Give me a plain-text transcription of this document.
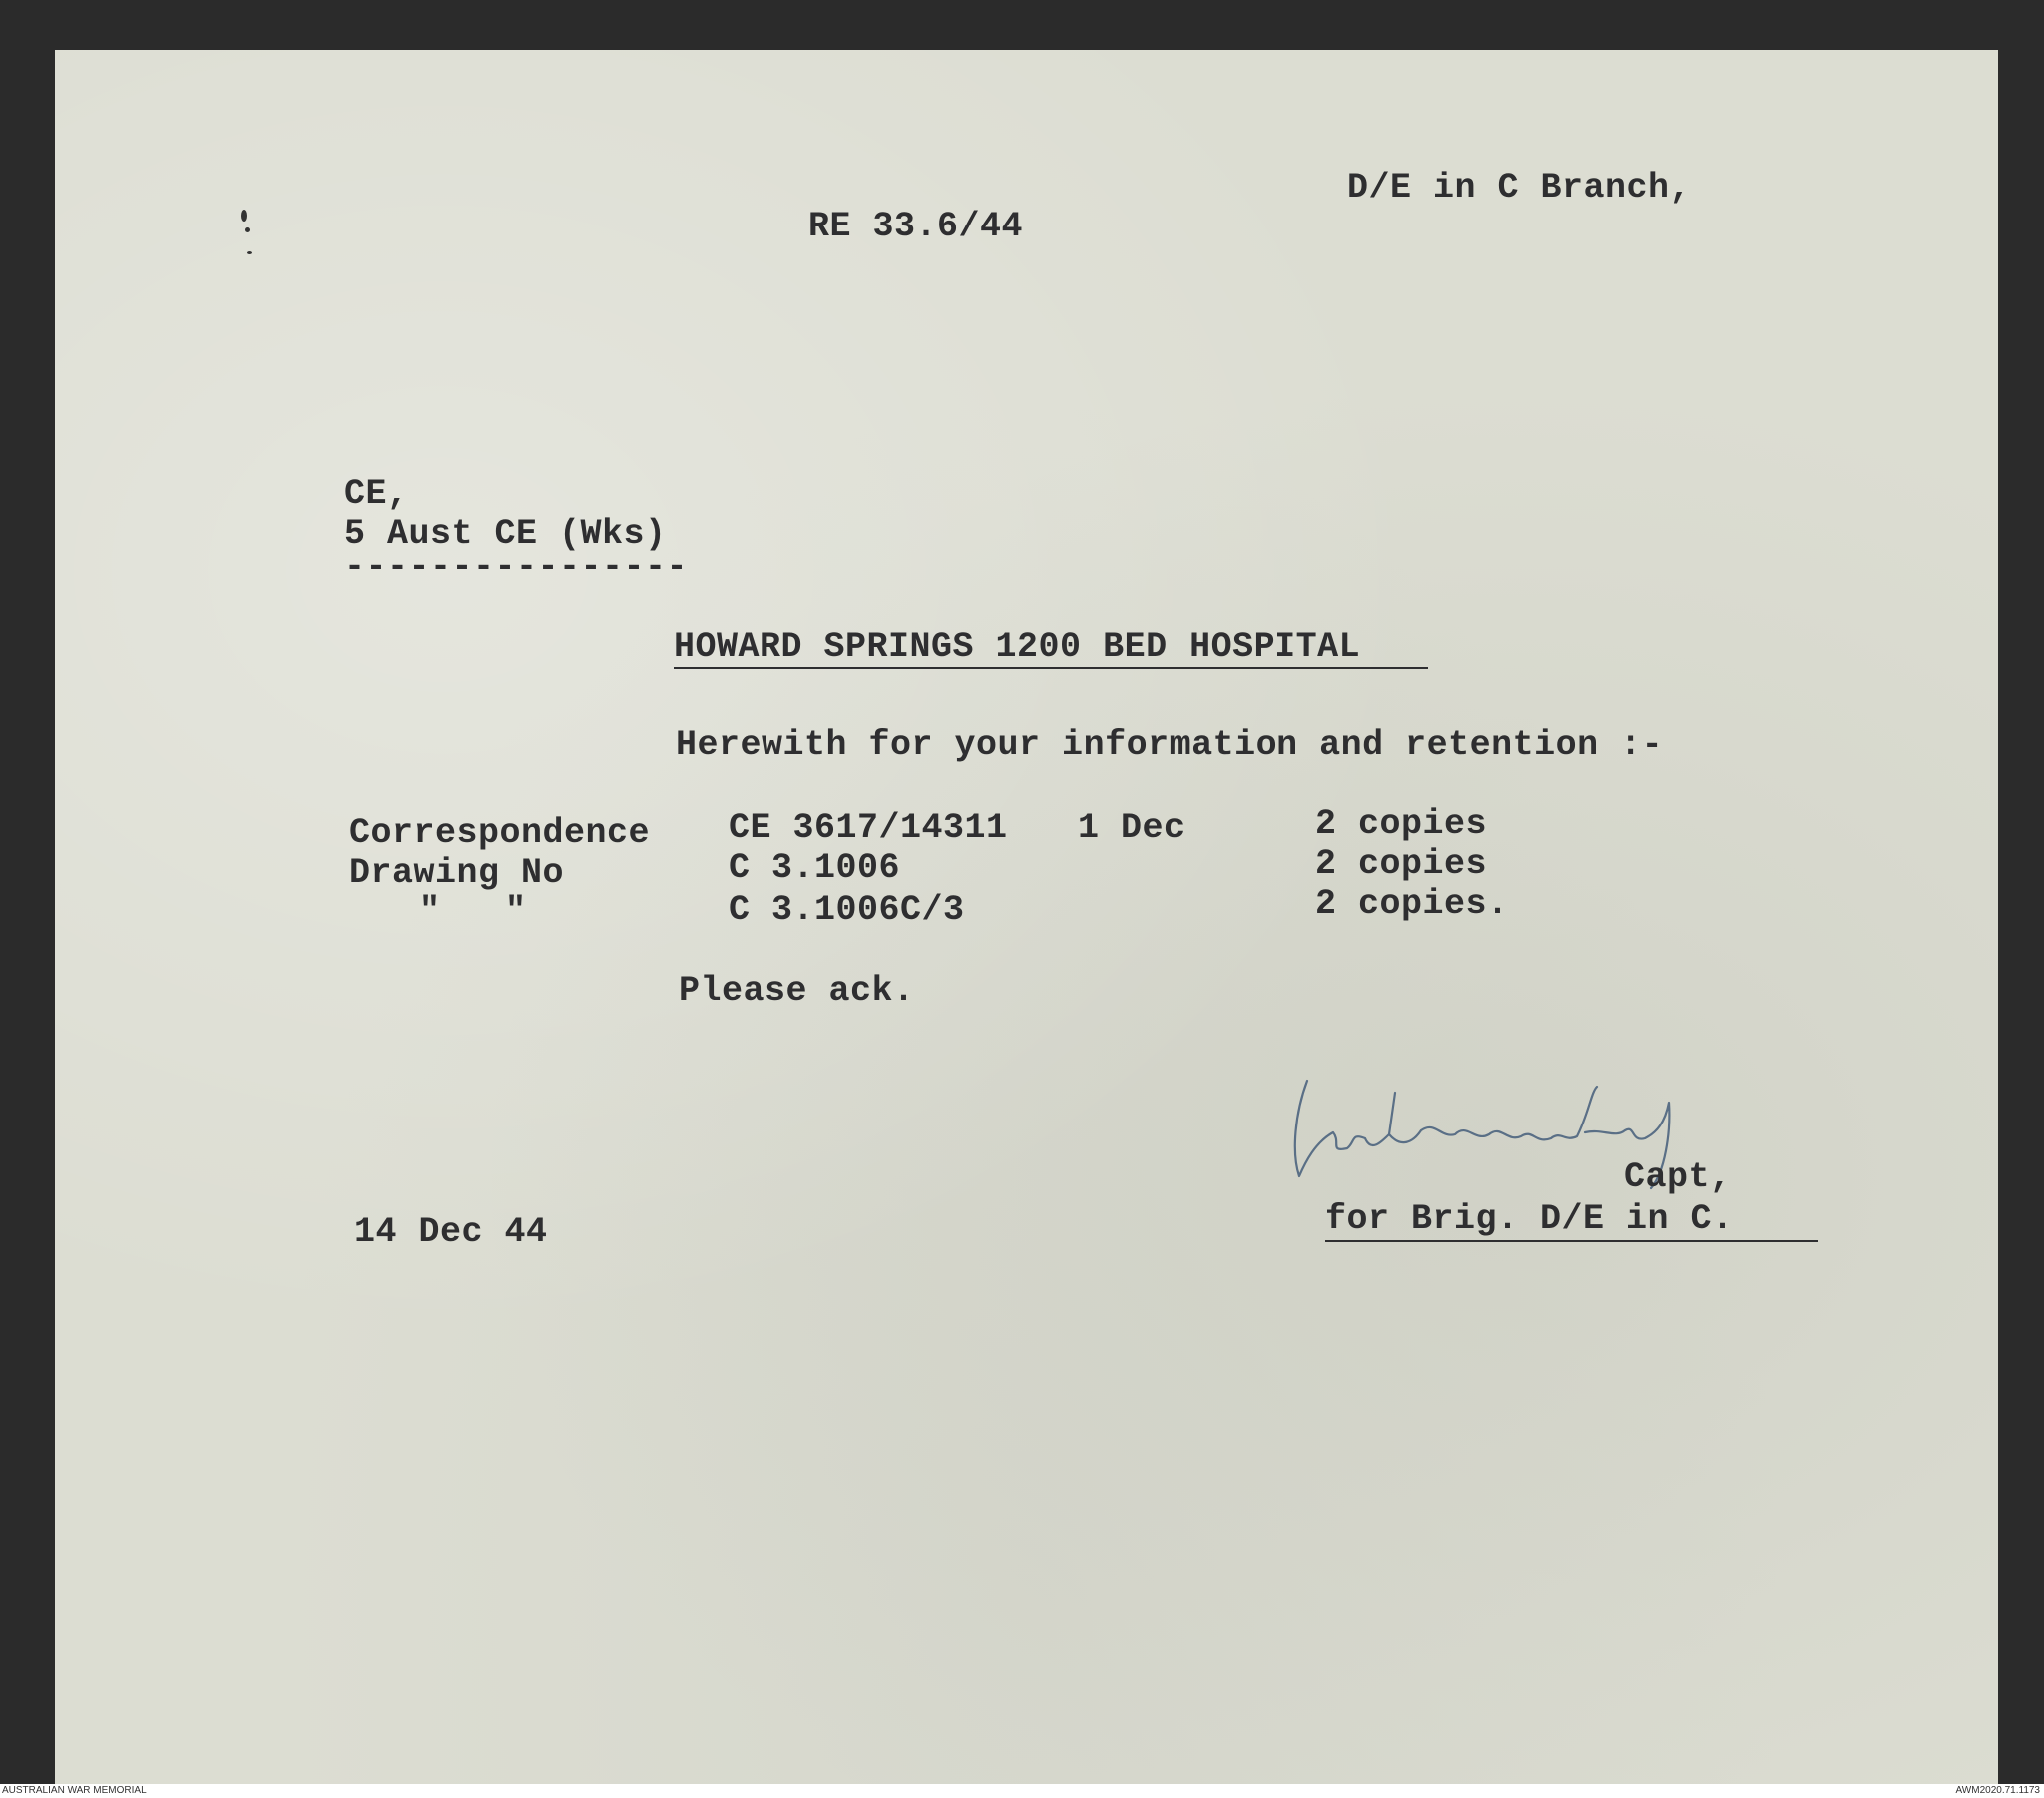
D/E in C Branch,
RE 33.6/44
CE,
5 Aust CE (Wks)
----------------
HOWARD SPRINGS 1200 BED HOSPITAL
Herewith for your information and retention :-
Correspondence CE 3617/14311 1 Dec	2 copies
Drawing No	C 3.1006	2 copies
"   "	C 3.1006C/3	2 copies.
Please ack.
Capt,
14 Dec 44	for Brig. D/E in C.
AUSTRALIAN WAR MEMORIAL	AWM2020.71.1173
